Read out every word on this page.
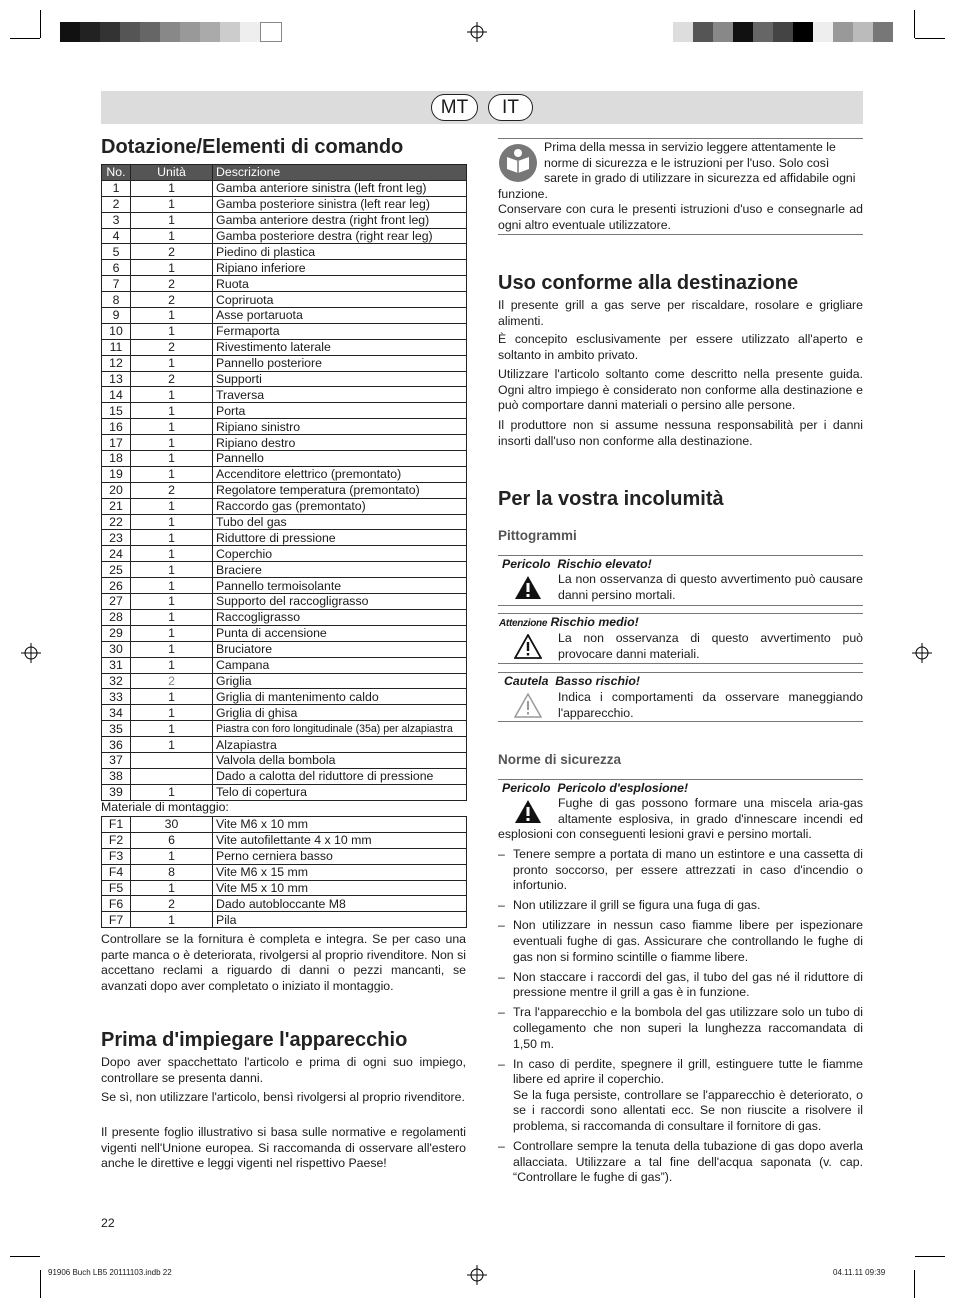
MT	IT
Dotazione/Elementi di comando
No.	Unità	Descrizione
1	1	Gamba anteriore sinistra (left front leg)
2	1	Gamba posteriore sinistra (left rear leg)
3	1	Gamba anteriore destra (right front leg)
4	1	Gamba posteriore destra (right rear leg)
5	2	Piedino di plastica
6	1	Ripiano inferiore
7	2	Ruota
8	2	Copriruota
9	1	Asse portaruota
10	1	Fermaporta
11	2	Rivestimento laterale
12	1	Pannello posteriore
13	2	Supporti
14	1	Traversa
15	1	Porta
16	1	Ripiano sinistro
17	1	Ripiano destro
18	1	Pannello
19	1	Accenditore elettrico (premontato)
20	2	Regolatore temperatura (premontato)
21	1	Raccordo gas (premontato)
22	1	Tubo del gas
23	1	Riduttore di pressione
24	1	Coperchio
25	1	Braciere
26	1	Pannello termoisolante
27	1	Supporto del raccogligrasso
28	1	Raccogligrasso
29	1	Punta di accensione
30	1	Bruciatore
31	1	Campana
32	2	Griglia
33	1	Griglia di mantenimento caldo
34	1	Griglia di ghisa
35	1	Piastra con foro longitudinale (35a) per alzapiastra
36	1	Alzapiastra
37		Valvola della bombola
38		Dado a calotta del riduttore di pressione
39	1	Telo di copertura

Materiale di montaggio:

F1	30	Vite M6 x 10 mm
F2	6	Vite autofilettante 4 x 10 mm
F3	1	Perno cerniera basso
F4	8	Vite M6 x 15 mm
F5	1	Vite M5 x 10 mm
F6	2	Dado autobloccante M8
F7	1	Pila

Controllare se la fornitura è completa e integra. Se per caso una parte manca o è deteriorata, rivolgersi al proprio rivenditore. Non si accettano reclami a riguardo di danni o pezzi mancanti, se avanzati dopo aver completato o iniziato il montaggio.

Prima d'impiegare l'apparecchio

Dopo aver spacchettato l'articolo e prima di ogni suo impiego, controllare se presenta danni.

Se sì, non utilizzare l'articolo, bensì rivolgersi al proprio rivenditore.

Il presente foglio illustrativo si basa sulle normative e regolamenti vigenti nell'Unione europea. Si raccomanda di osservare all'estero anche le direttive e leggi vigenti nel rispettivo Paese!

22

Prima della messa in servizio leggere attentamente le norme di sicurezza e le istruzioni per l'uso. Solo così sarete in grado di utilizzare in sicurezza ed affidabile ogni funzione.

Conservare con cura le presenti istruzioni d'uso e consegnarle ad ogni altro eventuale utilizzatore.

Uso conforme alla destinazione

Il presente grill a gas serve per riscaldare, rosolare e grigliare alimenti.

È concepito esclusivamente per essere utilizzato all'aperto e soltanto in ambito privato.

Utilizzare l'articolo soltanto come descritto nella presente guida. Ogni altro impiego è considerato non conforme alla destinazione e può comportare danni materiali o persino alle persone.

Il produttore non si assume nessuna responsabilità per i danni insorti dall'uso non conforme alla destinazione.

Per la vostra incolumità
Pittogrammi
Pericolo Rischio elevato!

La non osservanza di questo avvertimento può causare danni persino mortali.

Attenzione Rischio medio!

La non osservanza di questo avvertimento può provocare danni materiali.

Cautela Basso rischio!

Indica i comportamenti da osservare maneggiando l'apparecchio.

Norme di sicurezza
Pericolo Pericolo d'esplosione!

Fughe di gas possono formare una miscela aria-gas altamente esplosiva, in grado d'innescare incendi ed esplosioni con conseguenti lesioni gravi e persino mortali.

– Tenere sempre a portata di mano un estintore e una cassetta di pronto soccorso, per essere attrezzati in caso d'incendio o infortunio.
– Non utilizzare il grill se figura una fuga di gas.
– Non utilizzare in nessun caso fiamme libere per ispezionare eventuali fughe di gas. Assicurare che controllando le fughe di gas non si formino scintille o fiamme libere.
– Non staccare i raccordi del gas, il tubo del gas né il riduttore di pressione mentre il grill a gas è in funzione.
– Tra l'apparecchio e la bombola del gas utilizzare solo un tubo di collegamento che non superi la lunghezza raccomandata di 1,50 m.
– In caso di perdite, spegnere il grill, estinguere tutte le fiamme libere ed aprire il coperchio.
Se la fuga persiste, controllare se l'apparecchio è deteriorato, o se i raccordi sono allentati ecc. Se non riuscite a risolvere il problema, si raccomanda di consultare il fornitore di gas.
– Controllare sempre la tenuta della tubazione di gas dopo averla allacciata. Utilizzare a tal fine dell'acqua saponata (v. cap. “Controllare le fughe di gas”).

91906 Buch LB5 20111103.indb 22	04.11.11 09:39
